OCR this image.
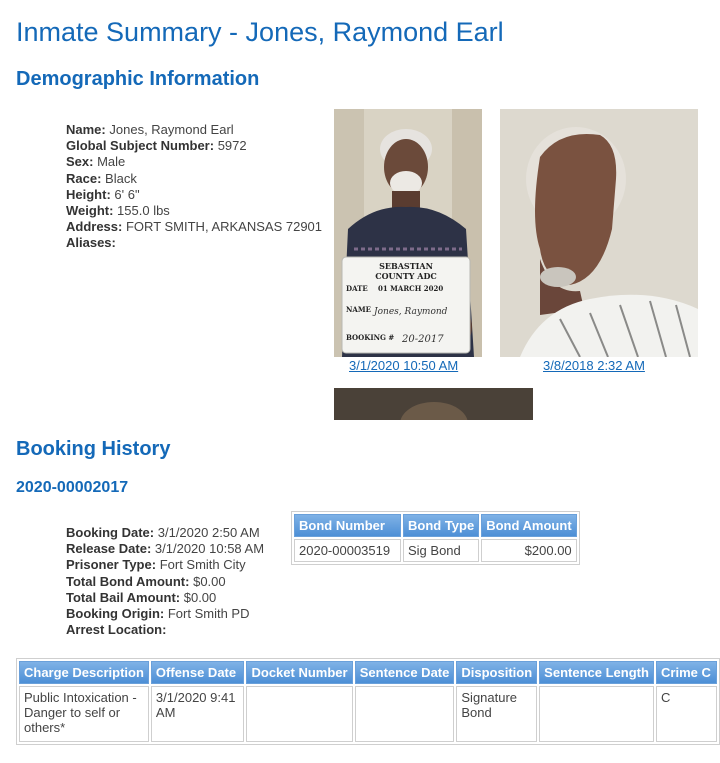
Inmate Summary - Jones, Raymond Earl
Demographic Information
Name: Jones, Raymond Earl
Global Subject Number: 5972
Sex: Male
Race: Black
Height: 6' 6"
Weight: 155.0 lbs
Address: FORT SMITH, ARKANSAS 72901
Aliases:
SEBASTIAN
COUNTY ADC
DATE 01 MARCH 2020
NAME Jones, Raymond
BOOKING # 20-2017
3/1/2020 10:50 AM	3/8/2018 2:32 AM
Booking History
2020-00002017
Booking Date: 3/1/2020 2:50 AM
Release Date: 3/1/2020 10:58 AM
Prisoner Type: Fort Smith City
Total Bond Amount: $0.00
Total Bail Amount: $0.00
Booking Origin: Fort Smith PD
Arrest Location:
Bond Number	Bond Type	Bond Amount
2020-00003519	Sig Bond	$200.00
Charge Description	Offense Date	Docket Number	Sentence Date	Disposition	Sentence Length	Crime C
Public Intoxication - Danger to self or others*	3/1/2020 9:41 AM			Signature Bond		C
